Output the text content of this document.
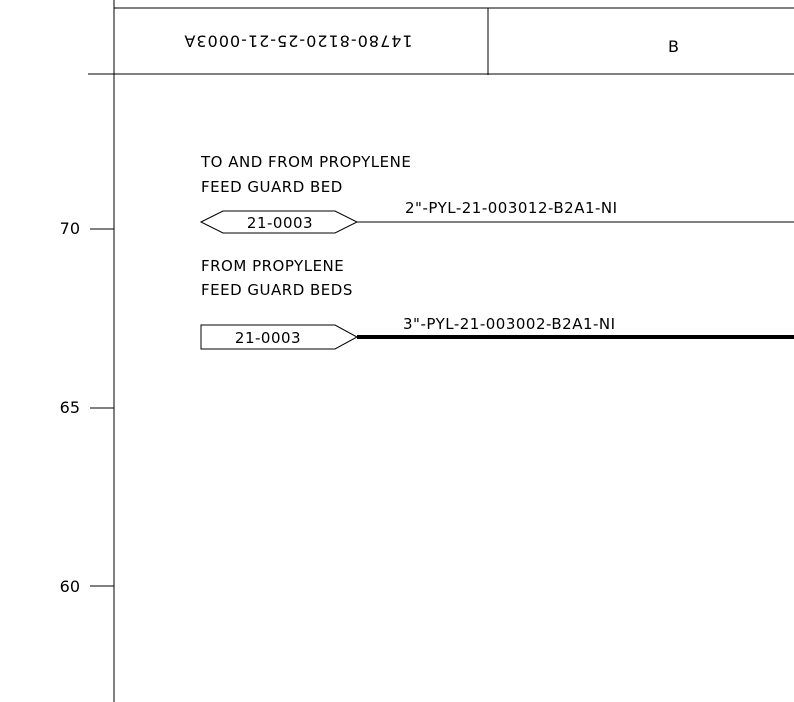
14780-8120-25-21-0003A	B
70
65
60
TO AND FROM PROPYLENE
FEED GUARD BED
21-0003
2"-PYL-21-003012-B2A1-NI
FROM PROPYLENE
FEED GUARD BEDS
21-0003
3"-PYL-21-003002-B2A1-NI
